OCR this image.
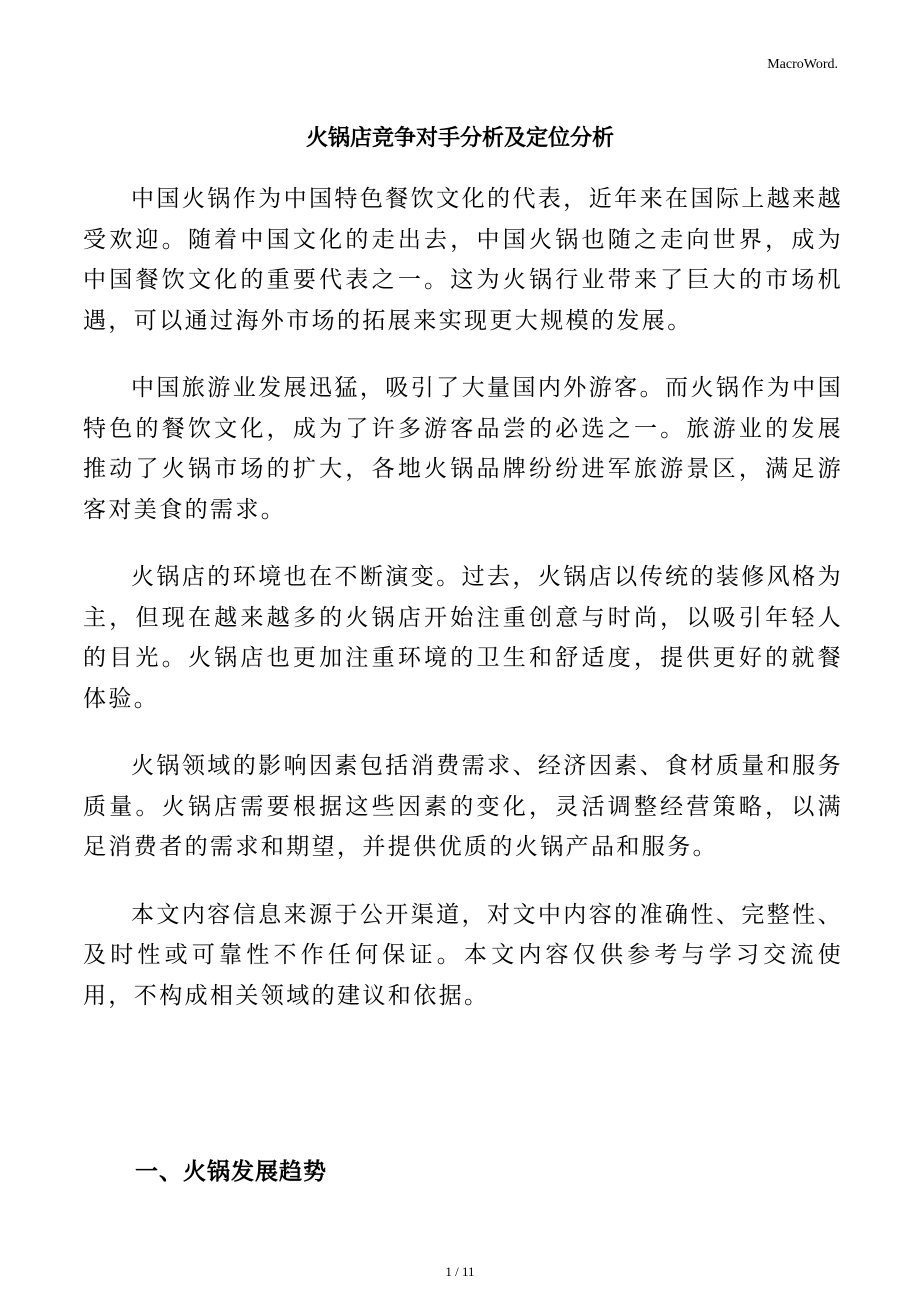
MacroWord.
火锅店竞争对手分析及定位分析

中国火锅作为中国特色餐饮文化的代表，近年来在国际上越来越受欢迎。随着中国文化的走出去，中国火锅也随之走向世界，成为中国餐饮文化的重要代表之一。这为火锅行业带来了巨大的市场机遇，可以通过海外市场的拓展来实现更大规模的发展。

中国旅游业发展迅猛，吸引了大量国内外游客。而火锅作为中国特色的餐饮文化，成为了许多游客品尝的必选之一。旅游业的发展推动了火锅市场的扩大，各地火锅品牌纷纷进军旅游景区，满足游客对美食的需求。

火锅店的环境也在不断演变。过去，火锅店以传统的装修风格为主，但现在越来越多的火锅店开始注重创意与时尚，以吸引年轻人的目光。火锅店也更加注重环境的卫生和舒适度，提供更好的就餐体验。

火锅领域的影响因素包括消费需求、经济因素、食材质量和服务质量。火锅店需要根据这些因素的变化，灵活调整经营策略，以满足消费者的需求和期望，并提供优质的火锅产品和服务。

本文内容信息来源于公开渠道，对文中内容的准确性、完整性、及时性或可靠性不作任何保证。本文内容仅供参考与学习交流使用，不构成相关领域的建议和依据。

一、火锅发展趋势
1 / 11
